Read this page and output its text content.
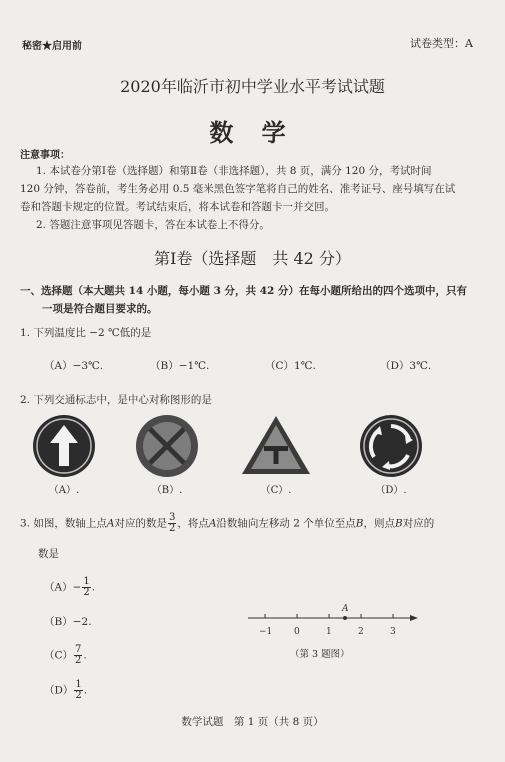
秘密★启用前	试卷类型：A
2020年临沂市初中学业水平考试试题
数 学
注意事项：
1. 本试卷分第Ⅰ卷（选择题）和第Ⅱ卷（非选择题），共 8 页，满分 120 分，考试时间
120 分钟，答卷前，考生务必用 0.5 毫米黑色签字笔将自己的姓名、准考证号、座号填写在试
卷和答题卡规定的位置。考试结束后，将本试卷和答题卡一并交回。
2. 答题注意事项见答题卡，答在本试卷上不得分。
第Ⅰ卷（选择题　共 42 分）
一、选择题（本大题共 14 小题，每小题 3 分，共 42 分）在每小题所给出的四个选项中，只有
一项是符合题目要求的。
1. 下列温度比 −2 ℃低的是
（A）−3℃.	（B）−1℃.	（C）1℃.	（D）3℃.
2. 下列交通标志中，是中心对称图形的是
（A）.	（B）.	（C）.	（D）.
3. 如图，数轴上点A对应的数是 $\frac{3}{2}$ ，将点A沿数轴向左移动 2 个单位至点B，则点B对应的
数是
$(A)- \frac{1}{2}$ .
（B）−2.
$(C) \frac{7}{2}$ .
$(D) \frac{1}{2}$ .
A
−1 0	1	2	3
（第 3 题图）
数学试题　第 1 页（共 8 页）
